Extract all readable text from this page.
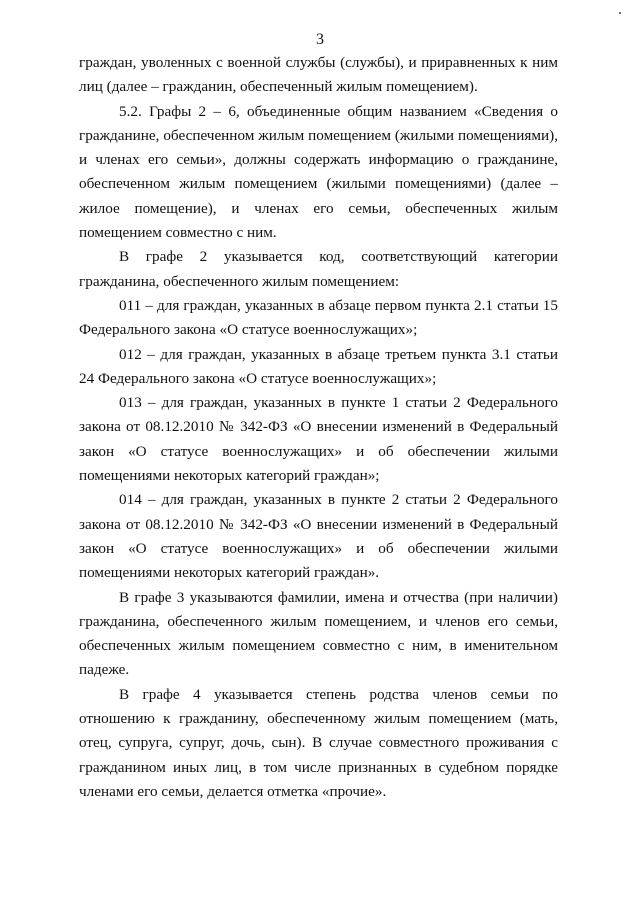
3

граждан, уволенных с военной службы (службы), и приравненных к ним лиц (далее – гражданин, обеспеченный жилым помещением).

5.2. Графы 2 – 6, объединенные общим названием «Сведения о гражданине, обеспеченном жилым помещением (жилыми помещениями), и членах его семьи», должны содержать информацию о гражданине, обеспеченном жилым помещением (жилыми помещениями) (далее – жилое помещение), и членах его семьи, обеспеченных жилым помещением совместно с ним.

В графе 2 указывается код, соответствующий категории гражданина, обеспеченного жилым помещением:

011 – для граждан, указанных в абзаце первом пункта 2.1 статьи 15 Федерального закона «О статусе военнослужащих»;

012 – для граждан, указанных в абзаце третьем пункта 3.1 статьи 24 Федерального закона «О статусе военнослужащих»;

013 – для граждан, указанных в пункте 1 статьи 2 Федерального закона от 08.12.2010 № 342-ФЗ «О внесении изменений в Федеральный закон «О статусе военнослужащих» и об обеспечении жилыми помещениями некоторых категорий граждан»;

014 – для граждан, указанных в пункте 2 статьи 2 Федерального закона от 08.12.2010 № 342-ФЗ «О внесении изменений в Федеральный закон «О статусе военнослужащих» и об обеспечении жилыми помещениями некоторых категорий граждан».

В графе 3 указываются фамилии, имена и отчества (при наличии) гражданина, обеспеченного жилым помещением, и членов его семьи, обеспеченных жилым помещением совместно с ним, в именительном падеже.

В графе 4 указывается степень родства членов семьи по отношению к гражданину, обеспеченному жилым помещением (мать, отец, супруга, супруг, дочь, сын). В случае совместного проживания с гражданином иных лиц, в том числе признанных в судебном порядке членами его семьи, делается отметка «прочие».
